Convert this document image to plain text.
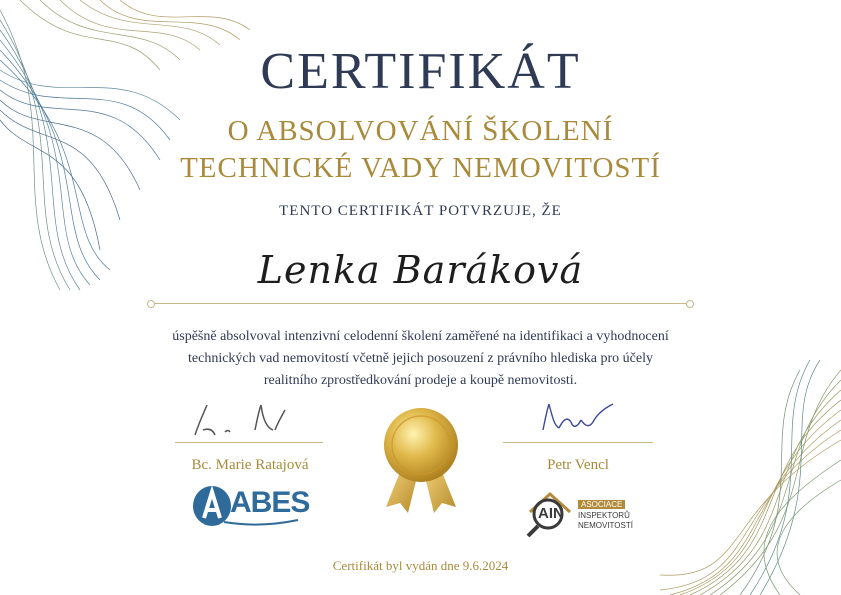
CERTIFIKÁT
O ABSOLVOVÁNÍ ŠKOLENÍ
TECHNICKÉ VADY NEMOVITOSTÍ
TENTO CERTIFIKÁT POTVRZUJE, ŽE
Lenka Baráková
úspěšně absolvoval intenzivní celodenní školení zaměřené na identifikaci a vyhodnocení
technických vad nemovitostí včetně jejich posouzení z právního hlediska pro účely
realitního zprostředkování prodeje a koupě nemovitosti.
Bc. Marie Ratajová	Petr Vencl
ABES	AIN
ASOCIACE
INSPEKTORŮ
NEMOVITOSTÍ
Certifikát byl vydán dne 9.6.2024
